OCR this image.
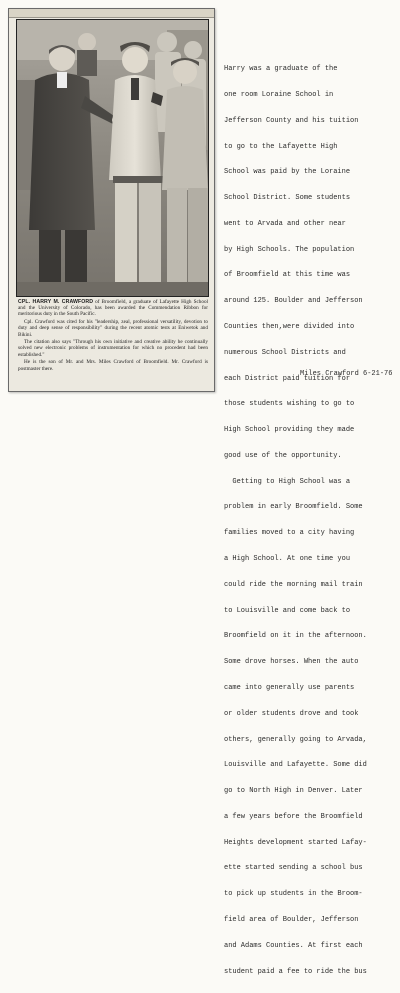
CPL. HARRY M. CRAWFORD of Broomfield, a graduate of Lafayette High School and the University of Colorado, has been awarded the Commendation Ribbon for meritorious duty in the South Pacific.

Cpl. Crawford was cited for his "leadership, zeal, professional versatility, devotion to duty and deep sense of responsibility" during the recent atomic tests at Eniwetok and Bikini.

The citation also says "Through his own initiative and creative ability he continually solved new electronic problems of instrumentation for which no procedent had been established."

He is the son of Mr. and Mrs. Miles Crawford of Broomfield. Mr. Crawford is postmaster there.

Harry was a graduate of the

one room Loraine School in

Jefferson County and his tuition

to go to the Lafayette High

School was paid by the Loraine

School District. Some students

went to Arvada and other near

by High Schools. The population

of Broomfield at this time was

around 125. Boulder and Jefferson

Counties then,were divided into

numerous School Districts and

each District paid tuition for

those students wishing to go to

High School providing they made

good use of the opportunity.

Getting to High School was a

problem in early Broomfield. Some

families moved to a city having

a High School. At one time you

could ride the morning mail train

to Louisville and come back to

Broomfield on it in the afternoon.

Some drove horses. When the auto

came into generally use parents

or older students drove and took

others, generally going to Arvada,

Louisville and Lafayette. Some did

go to North High in Denver. Later

a few years before the Broomfield

Heights development started Lafay-

ette started sending a school bus

to pick up students in the Broom-

field area of Boulder, Jefferson

and Adams Counties. At first each

student paid a fee to ride the bus

Miles Crawford 6-21-76
